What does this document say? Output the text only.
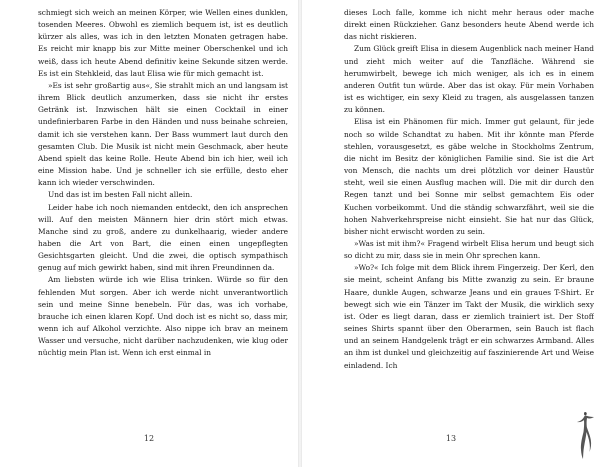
schmiegt sich weich an meinen Körper, wie Wellen eines dunklen, tosenden Meeres. Obwohl es ziemlich bequem ist, ist es deutlich kürzer als alles, was ich in den letzten Monaten getragen habe. Es reicht mir knapp bis zur Mitte meiner Oberschenkel und ich weiß, dass ich heute Abend definitiv keine Sekunde sitzen werde. Es ist ein Stehkleid, das laut Elisa wie für mich gemacht ist.

»Es ist sehr großartig aus«, Sie strahlt mich an und langsam ist ihrem Blick deutlich anzumerken, dass sie nicht ihr erstes Getränk ist. Inzwischen hält sie einen Cocktail in einer undefinierbaren Farbe in den Händen und nuss beinahe schreien, damit ich sie verstehen kann. Der Bass wummert laut durch den gesamten Club. Die Musik ist nicht mein Geschmack, aber heute Abend spielt das keine Rolle. Heute Abend bin ich hier, weil ich eine Mission habe. Und je schneller ich sie erfülle, desto eher kann ich wieder verschwinden.

Und das ist im besten Fall nicht allein.

Leider habe ich noch niemanden entdeckt, den ich ansprechen will. Auf den meisten Männern hier drin stört mich etwas. Manche sind zu groß, andere zu dunkelhaarig, wieder andere haben die Art von Bart, die einen einen ungepflegten Gesichtsgarten gleicht. Und die zwei, die optisch sympathisch genug auf mich gewirkt haben, sind mit ihren Freundinnen da.

Am liebsten würde ich wie Elisa trinken. Würde so für den fehlenden Mut sorgen. Aber ich werde nicht unverantwortlich sein und meine Sinne benebeln. Für das, was ich vorhabe, brauche ich einen klaren Kopf. Und doch ist es nicht so, dass mir, wenn ich auf Alkohol verzichte. Also nippe ich brav an meinem Wasser und versuche, nicht darüber nachzudenken, wie klug oder nüchtig mein Plan ist. Wenn ich erst einmal in

12

dieses Loch falle, komme ich nicht mehr heraus oder mache direkt einen Rückzieher. Ganz besonders heute Abend werde ich das nicht riskieren.

Zum Glück greift Elisa in diesem Augenblick nach meiner Hand und zieht mich weiter auf die Tanzfläche. Während sie herumwirbelt, bewege ich mich weniger, als ich es in einem anderen Outfit tun würde. Aber das ist okay. Für mein Vorhaben ist es wichtiger, ein sexy Kleid zu tragen, als ausgelassen tanzen zu können.

Elisa ist ein Phänomen für mich. Immer gut gelaunt, für jede noch so wilde Schandtat zu haben. Mit ihr könnte man Pferde stehlen, vorausgesetzt, es gäbe welche in Stockholms Zentrum, die nicht im Besitz der königlichen Familie sind. Sie ist die Art von Mensch, die nachts um drei plötzlich vor deiner Haustür steht, weil sie einen Ausflug machen will. Die mit dir durch den Regen tanzt und bei Sonne mir selbst gemachtem Eis oder Kuchen vorbeikommt. Und die ständig schwarzfährt, weil sie die hohen Nahverkehrspreise nicht einsieht. Sie hat nur das Glück, bisher nicht erwischt worden zu sein.

»Was ist mit ihm?« Fragend wirbelt Elisa herum und beugt sich so dicht zu mir, dass sie in mein Ohr sprechen kann.

»Wo?« Ich folge mit dem Blick ihrem Fingerzeig. Der Kerl, den sie meint, scheint Anfang bis Mitte zwanzig zu sein. Er braune Haare, dunkle Augen, schwarze Jeans und ein graues T-Shirt. Er bewegt sich wie ein Tänzer im Takt der Musik, die wirklich sexy ist. Oder es liegt daran, dass er ziemlich trainiert ist. Der Stoff seines Shirts spannt über den Oberarmen, sein Bauch ist flach und an seinem Handgelenk trägt er ein schwarzes Armband. Alles an ihm ist dunkel und gleichzeitig auf faszinierende Art und Weise einladend. Ich

13
